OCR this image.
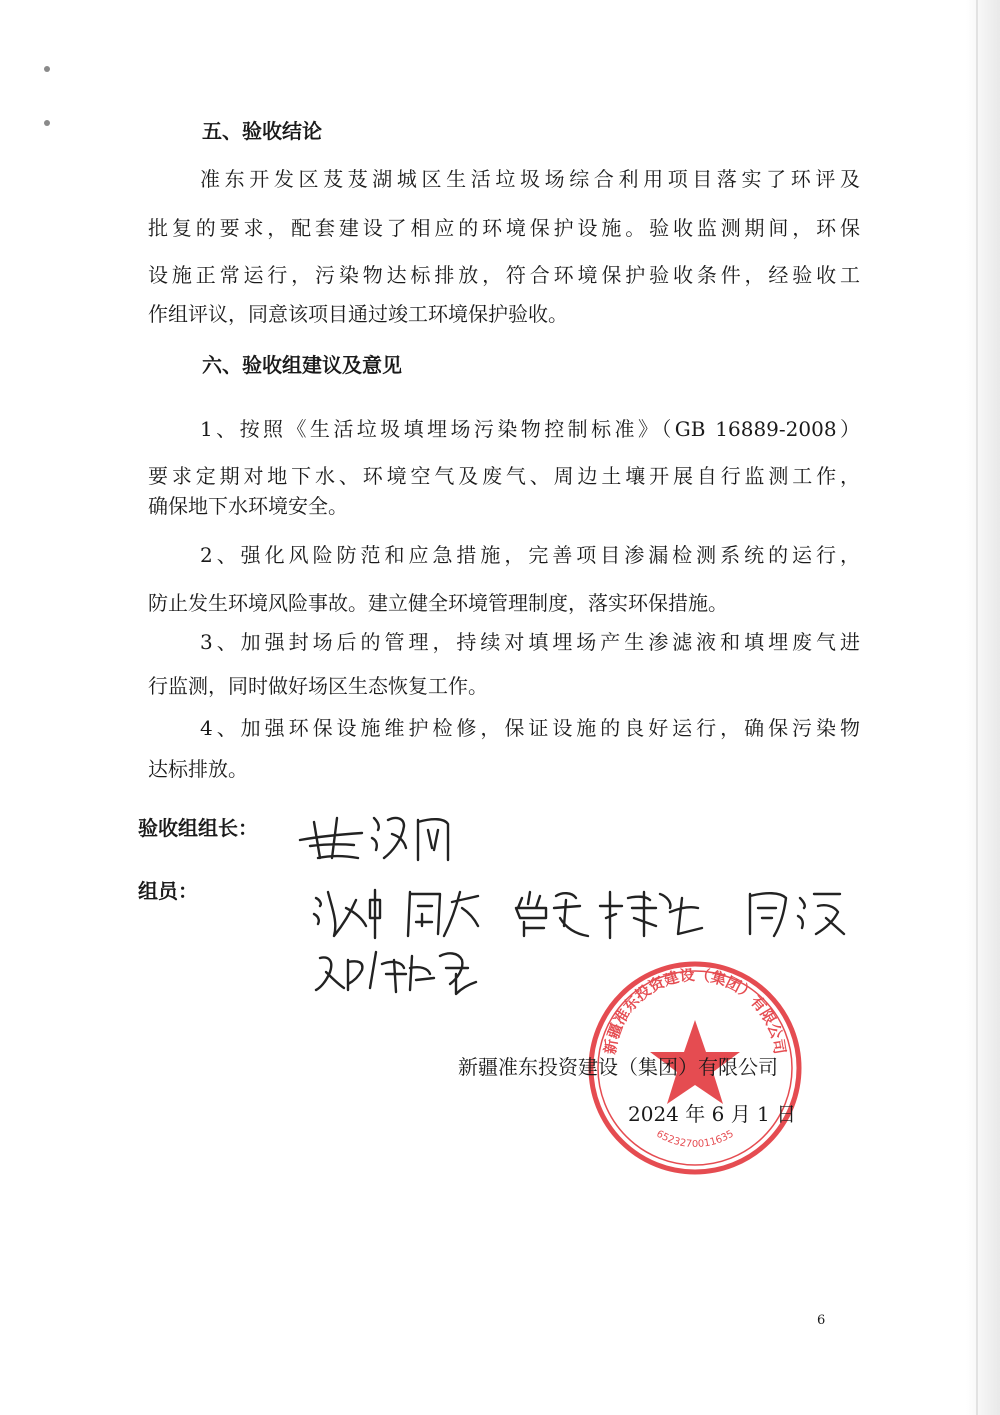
五、验收结论
准东开发区芨芨湖城区生活垃圾场综合利用项目落实了环评及
批复的要求，配套建设了相应的环境保护设施。验收监测期间，环保
设施正常运行，污染物达标排放，符合环境保护验收条件，经验收工
作组评议，同意该项目通过竣工环境保护验收。
六、验收组建议及意见
1、按照《生活垃圾填埋场污染物控制标准》（GB 16889-2008）
要求定期对地下水、环境空气及废气、周边土壤开展自行监测工作，
确保地下水环境安全。
2、强化风险防范和应急措施，完善项目渗漏检测系统的运行，
防止发生环境风险事故。建立健全环境管理制度，落实环保措施。
3、加强封场后的管理，持续对填埋场产生渗滤液和填埋废气进
行监测，同时做好场区生态恢复工作。
4、加强环保设施维护检修，保证设施的良好运行，确保污染物
达标排放。
验收组组长：
组员：
新疆准东投资建设（集团）有限公司
6523270011635
新疆准东投资建设（集团）有限公司
2024 年 6 月 1 日
6
